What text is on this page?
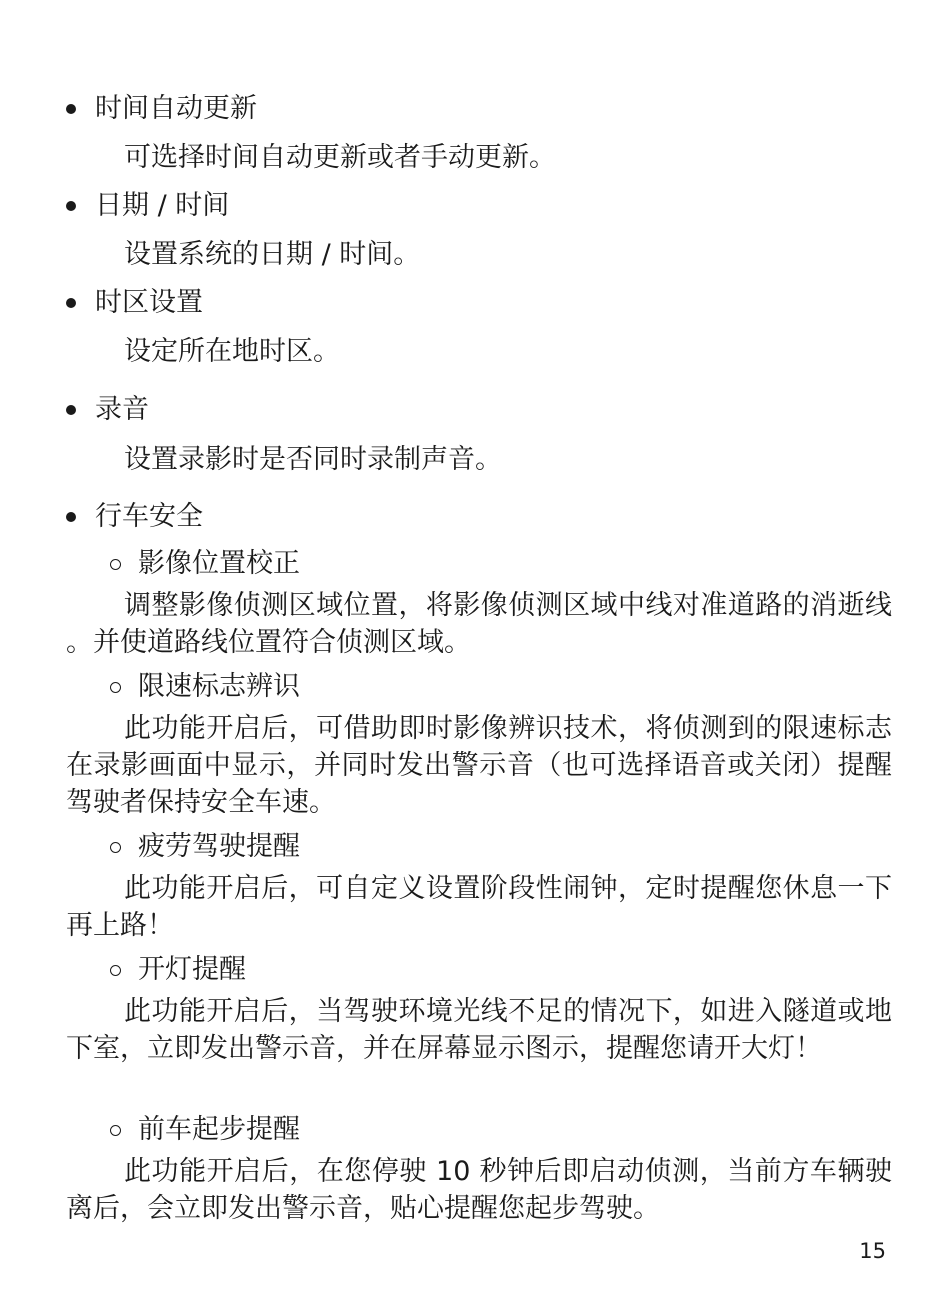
时间自动更新
可选择时间自动更新或者手动更新。
日期 / 时间
设置系统的日期 / 时间。
时区设置
设定所在地时区。
录音
设置录影时是否同时录制声音。
行车安全
影像位置校正
调整影像侦测区域位置，将影像侦测区域中线对准道路的消逝线。并使道路线位置符合侦测区域。
限速标志辨识
此功能开启后，可借助即时影像辨识技术，将侦测到的限速标志在录影画面中显示，并同时发出警示音（也可选择语音或关闭）提醒驾驶者保持安全车速。
疲劳驾驶提醒
此功能开启后，可自定义设置阶段性闹钟，定时提醒您休息一下再上路！
开灯提醒
此功能开启后，当驾驶环境光线不足的情况下，如进入隧道或地下室，立即发出警示音，并在屏幕显示图示，提醒您请开大灯！
前车起步提醒
此功能开启后，在您停驶 10 秒钟后即启动侦测，当前方车辆驶离后，会立即发出警示音，贴心提醒您起步驾驶。
15
